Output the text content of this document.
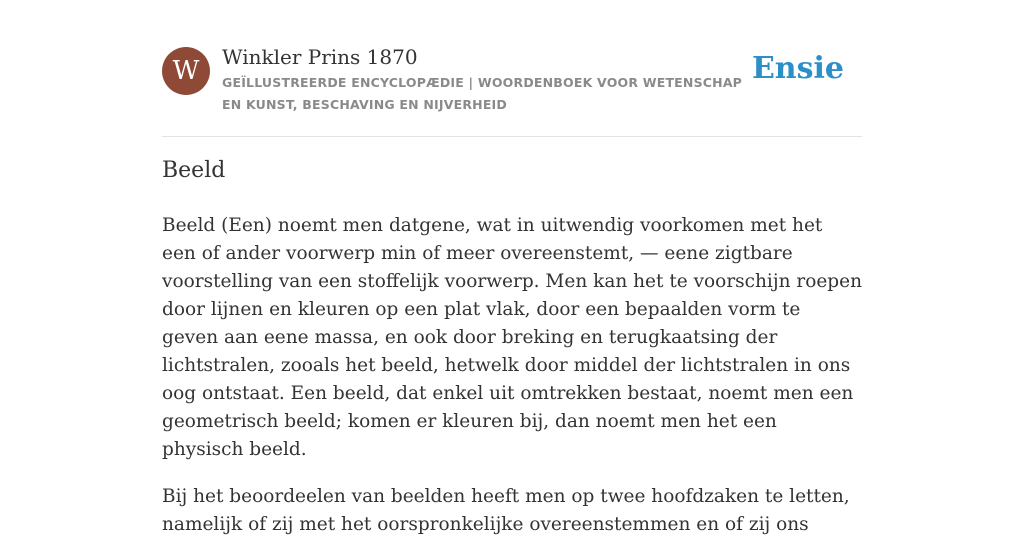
W	Winkler Prins 1870
GEÏLLUSTREERDE ENCYCLOPÆDIE | WOORDENBOEK VOOR WETENSCHAP EN KUNST, BESCHAVING EN NIJVERHEID
Ensie
Beeld

Beeld (Een) noemt men datgene, wat in uitwendig voorkomen met het een of ander voorwerp min of meer overeenstemt, — eene zigtbare voorstelling van een stoffelijk voorwerp. Men kan het te voorschijn roepen door lijnen en kleuren op een plat vlak, door een bepaalden vorm te geven aan eene massa, en ook door breking en terugkaatsing der lichtstralen, zooals het beeld, hetwelk door middel der lichtstralen in ons oog ontstaat. Een beeld, dat enkel uit omtrekken bestaat, noemt men een geometrisch beeld; komen er kleuren bij, dan noemt men het een physisch beeld.

Bij het beoordeelen van beelden heeft men op twee hoofdzaken te letten, namelijk of zij met het oorspronkelijke overeenstemmen en of zij ons
